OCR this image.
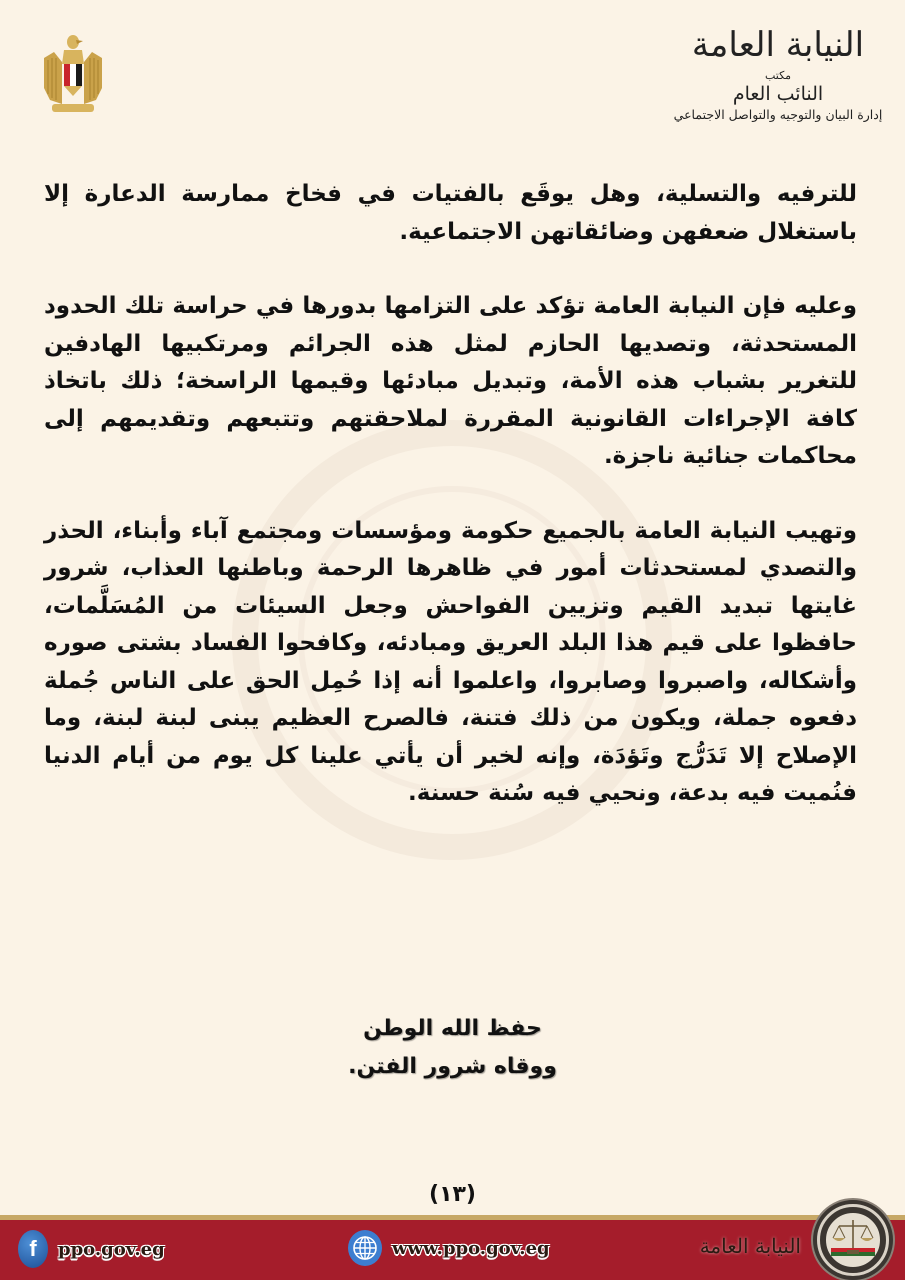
النيابة العامة
مكتب
النائب العام
إدارة البيان والتوجيه والتواصل الاجتماعي

للترفيه والتسلية، وهل يوقَع بالفتيات في فخاخ ممارسة الدعارة إلا باستغلال ضعفهن وضائقاتهن الاجتماعية.

وعليه فإن النيابة العامة تؤكد على التزامها بدورها في حراسة تلك الحدود المستحدثة، وتصديها الحازم لمثل هذه الجرائم ومرتكبيها الهادفين للتغرير بشباب هذه الأمة، وتبديل مبادئها وقيمها الراسخة؛ ذلك باتخاذ كافة الإجراءات القانونية المقررة لملاحقتهم وتتبعهم وتقديمهم إلى محاكمات جنائية ناجزة.

وتهيب النيابة العامة بالجميع حكومة ومؤسسات ومجتمع آباء وأبناء، الحذر والتصدي لمستحدثات أمور في ظاهرها الرحمة وباطنها العذاب، شرور غايتها تبديد القيم وتزيين الفواحش وجعل السيئات من المُسَلَّمات، حافظوا على قيم هذا البلد العريق ومبادئه، وكافحوا الفساد بشتى صوره وأشكاله، واصبروا وصابروا، واعلموا أنه إذا حُمِل الحق على الناس جُملة دفعوه جملة، ويكون من ذلك فتنة، فالصرح العظيم يبنى لبنة لبنة، وما الإصلاح إلا تَدَرُّج وتَؤدَة، وإنه لخير أن يأتي علينا كل يوم من أيام الدنيا فنُميت فيه بدعة، ونحيي فيه سُنة حسنة.

حفظ الله الوطن
ووقاه شرور الفتن.
(١٣)
f	ppo.gov.eg	www.ppo.gov.eg	النيابة العامة
